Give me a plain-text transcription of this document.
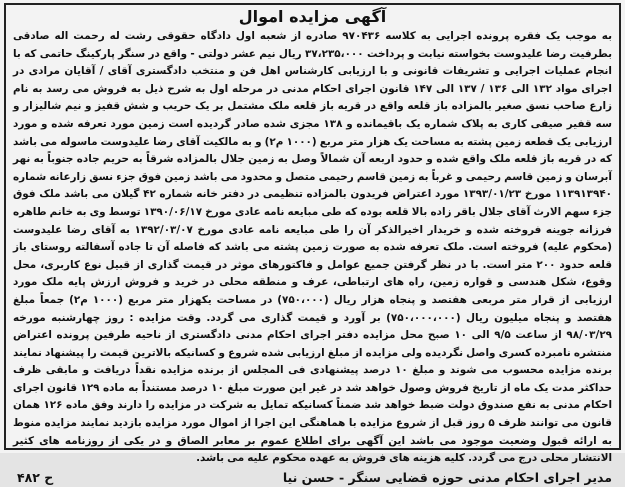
آگهی مزایده اموال

به موجب یک فقره پرونده اجرایی به کلاسه ۹۷۰۴۳۶ صادره از شعبه اول دادگاه حقوقی رشت له رحمت اله صادقی بطرفیت رضا علیدوست بخواسته نیابت و پرداخت ۳۷،۲۳۵،۰۰۰ ریال نیم عشر دولتی - واقع در سنگر پارکینگ حاتمی که با انجام عملیات اجرایی و تشریفات قانونی و با ارزیابی کارشناس اهل فن و منتخب دادگستری آقای / آقایان مرادی در اجرای مواد ۱۳۲ الی ۱۳۶ / ۱۳۷ الی ۱۴۷ قانون اجرای احکام مدنی در مرحله اول به شرح ذیل به فروش می رسد به نام زارع صاحب نسق صغیر بالمزاده باز قلعه واقع در قریه باز قلعه ملک مشتمل بر یک حریب و شش قفیز و نیم شالیزار و سه قفیر صیفی کاری به پلاک شماره یک باقیمانده و ۱۳۸ مجزی شده صادر گردیده است زمین مورد تعرفه شده و مورد ارزیابی یک قطعه زمین پشته به مساحت یک هزار متر مربع (۱۰۰۰ م۲) و به مالکیت آقای رضا علیدوست ماسوله می باشد که در قریه باز قلعه ملک واقع شده و حدود اربعه آن شمالاً وصل به زمین جلال بالمزاده شرقاً به حریم جاده جنوباً به نهر آبرسان و زمین قاسم رحیمی و غرباً به زمین قاسم رحیمی متصل و محدود می باشد زمین فوق جزء نسق زارعانه شماره ۱۱۳۹۱۳۹۴۰ مورخ ۱۳۹۳/۰۱/۲۳ مورد اعتراض فریدون بالمزاده تنظیمی در دفتر خانه شماره ۴۲ گیلان می باشد ملک فوق جزء سهم الارث آقای جلال باقر زاده بالا قلعه بوده که طی مبایعه نامه عادی مورخ ۱۳۹۰/۰۶/۱۷ توسط وی به خانم طاهره فرزانه جوینه فروخته شده و خریدار اخیرالذکر آن را طی مبایعه نامه عادی مورخ ۱۳۹۲/۰۳/۰۷ به آقای رضا علیدوست (محکوم علیه) فروخته است. ملک تعرفه شده به صورت زمین پشته می باشد که فاصله آن تا جاده آسفالته روستای باز قلعه حدود ۲۰۰ متر است. با در نظر گرفتن جمیع عوامل و فاکتورهای موثر در قیمت گذاری از قبیل نوع کاربری، محل وقوع، شکل هندسی و قواره زمین، راه های ارتباطی، عرف و منطقه محلی در خرید و فروش ارزش پایه ملک مورد ارزیابی از قرار متر مربعی هفتصد و پنجاه هزار ریال (۷۵۰،۰۰۰) در مساحت یکهزار متر مربع (۱۰۰۰ م۲) جمعاً مبلغ هفتصد و پنجاه میلیون ریال (۷۵۰،۰۰۰،۰۰۰) بر آورد و قیمت گذاری می گردد. وقت مزایده : روز چهارشنبه مورخه ۹۸/۰۳/۲۹ از ساعت ۹/۵ الی ۱۰ صبح محل مزایده دفتر اجرای احکام مدنی دادگستری از ناحیه طرفین پرونده اعتراض منتشره نامبرده کسری واصل نگردیده ولی مزایده از مبلغ ارزیابی شده شروع و کسانیکه بالاترین قیمت را پیشنهاد نمایند برنده مزایده محسوب می شوند و مبلغ ۱۰ درصد پیشنهادی فی المجلس از برنده مزایده نقداً دریافت و مابقی ظرف حداکثر مدت یک ماه از تاریخ فروش وصول خواهد شد در غیر این صورت مبلغ ۱۰ درصد مستنداً به ماده ۱۲۹ قانون اجرای احکام مدنی به نفع صندوق دولت ضبط خواهد شد ضمناً کسانیکه تمایل به شرکت در مزایده را دارند وفق ماده ۱۲۶ همان قانون می توانند ظرف ۵ روز قبل از شروع مزایده با هماهنگی این اجرا از اموال مورد مزایده بازدید نمایند مزایده منوط به ارائه قبول وضعیت موجود می باشد این آگهی برای اطلاع عموم بر معابر الصاق و در یکی از روزنامه های کثیر الانتشار محلی درج می گردد. کلیه هزینه های فروش به عهده محکوم علیه می باشد.

مدیر اجرای احکام مدنی حوزه قضایی سنگر - حسن نیا
ح ۴۸۲
